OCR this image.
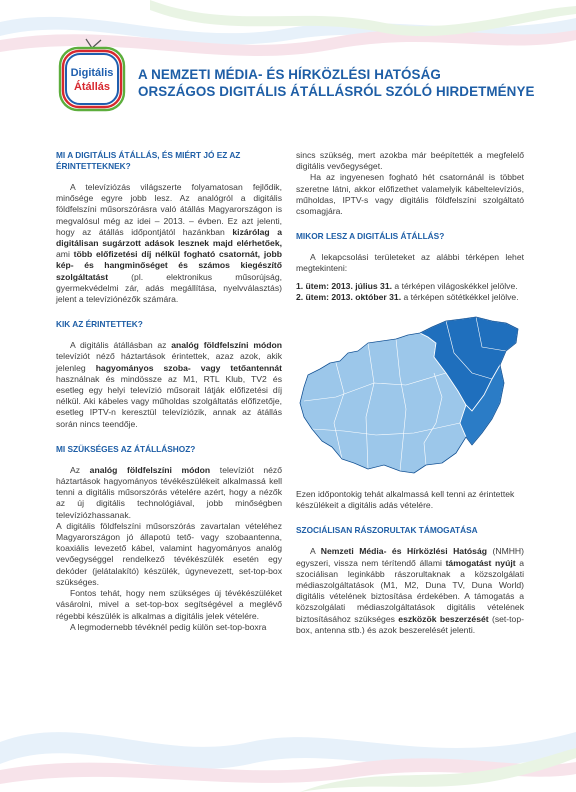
Digitális
Átállás
A NEMZETI MÉDIA- ÉS HÍRKÖZLÉSI HATÓSÁG
ORSZÁGOS DIGITÁLIS ÁTÁLLÁSRÓL SZÓLÓ HIRDETMÉNYE

MI A DIGITÁLIS ÁTÁLLÁS, ÉS MIÉRT JÓ EZ AZ ÉRINTETTEKNEK?

A televíziózás világszerte folyamatosan fejlődik, minősége egyre jobb lesz. Az analógról a digitális földfelszíni műsorszórásra való átállás Magyarországon is megvalósul még az idei – 2013. – évben. Ez azt jelenti, hogy az átállás időpontjától hazánkban kizárólag a digitálisan sugárzott adások lesznek majd elérhetőek, ami több előfizetési díj nélkül fogható csatornát, jobb kép- és hangminőséget és számos kiegészítő szolgáltatást (pl. elektronikus műsorújság, gyermekvédelmi zár, adás megállítása, nyelvválasztás) jelent a televíziónézők számára.

KIK AZ ÉRINTETTEK?

A digitális átállásban az analóg földfelszíni módon televíziót néző háztartások érintettek, azaz azok, akik jelenleg hagyományos szoba- vagy tetőantennát használnak és mindössze az M1, RTL Klub, TV2 és esetleg egy helyi televízió műsorait látják előfizetési díj nélkül. Aki kábeles vagy műholdas szolgáltatás előfizetője, esetleg IPTV-n keresztül televíziózik, annak az átállás során nincs teendője.

MI SZÜKSÉGES AZ ÁTÁLLÁSHOZ?

Az analóg földfelszíni módon televíziót néző háztartások hagyományos tévékészülékeit alkalmassá kell tenni a digitális műsorszórás vételére azért, hogy a nézők az új digitális technológiával, jobb minőségben televíziózhassanak.

A digitális földfelszíni műsorszórás zavartalan vételéhez Magyarországon jó állapotú tető- vagy szobaantenna, koaxiális levezető kábel, valamint hagyományos analóg vevőegységgel rendelkező tévékészülék esetén egy dekóder (jelátalakító) készülék, úgynevezett, set-top-box szükséges.

Fontos tehát, hogy nem szükséges új tévékészüléket vásárolni, mivel a set-top-box segítségével a meglévő régebbi készülék is alkalmas a digitális jelek vételére.

A legmodernebb tévéknél pedig külön set-top-boxra

sincs szükség, mert azokba már beépítették a megfelelő digitális vevőegységet.

Ha az ingyenesen fogható hét csatornánál is többet szeretne látni, akkor előfizethet valamelyik kábeltelevíziós, műholdas, IPTV-s vagy digitális földfelszíni szolgáltató csomagjára.

MIKOR LESZ A DIGITÁLIS ÁTÁLLÁS?

A lekapcsolási területeket az alábbi térképen lehet megtekinteni:

1. ütem: 2013. július 31. a térképen világoskékkel jelölve.

2. ütem: 2013. október 31. a térképen sötétkékkel jelölve.

Ezen időpontokig tehát alkalmassá kell tenni az érintettek készülékeit a digitális adás vételére.

SZOCIÁLISAN RÁSZORULTAK TÁMOGATÁSA

A Nemzeti Média- és Hírközlési Hatóság (NMHH) egyszeri, vissza nem térítendő állami támogatást nyújt a szociálisan leginkább rászorultaknak a közszolgálati médiaszolgáltatások (M1, M2, Duna TV, Duna World) digitális vételének biztosítása érdekében. A támogatás a közszolgálati médiaszolgáltatások digitális vételének biztosításához szükséges eszközök beszerzését (set-top-box, antenna stb.) és azok beszerelését jelenti.
